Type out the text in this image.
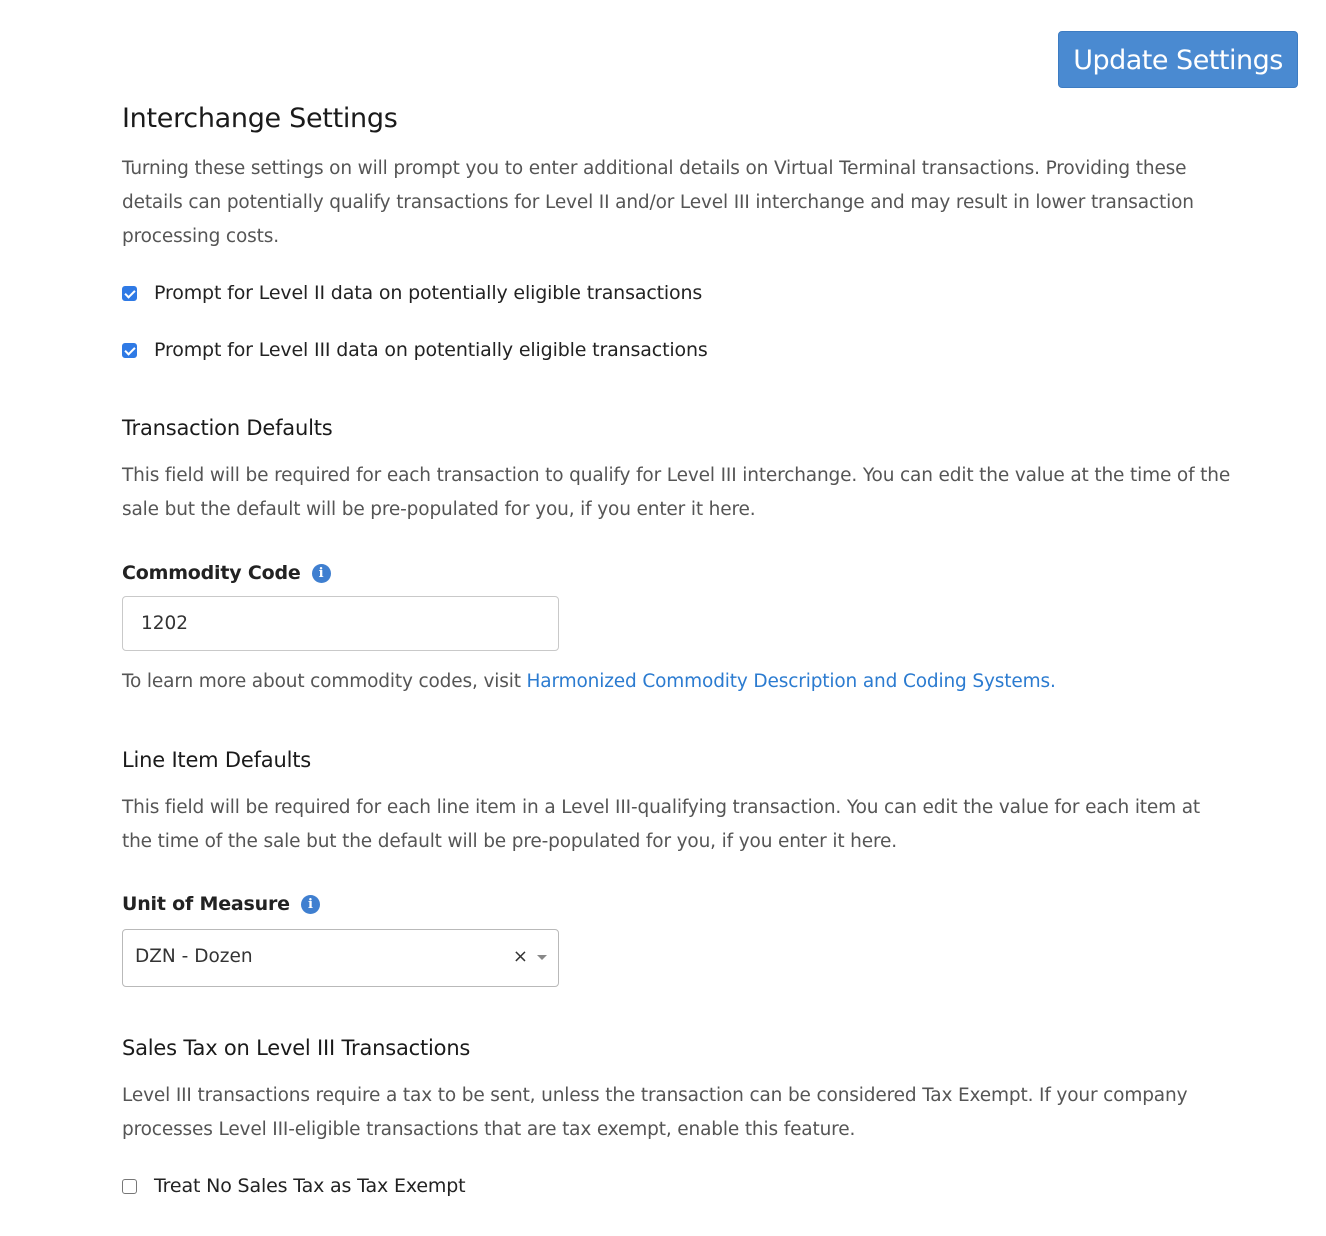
Update Settings
Interchange Settings

Turning these settings on will prompt you to enter additional details on Virtual Terminal transactions. Providing these details can potentially qualify transactions for Level II and/or Level III interchange and may result in lower transaction processing costs.

Prompt for Level II data on potentially eligible transactions
Prompt for Level III data on potentially eligible transactions
Transaction Defaults

This field will be required for each transaction to qualify for Level III interchange. You can edit the value at the time of the sale but the default will be pre-populated for you, if you enter it here.

Commodity Code	i
1202

To learn more about commodity codes, visit Harmonized Commodity Description and Coding Systems.

Line Item Defaults

This field will be required for each line item in a Level III-qualifying transaction. You can edit the value for each item at the time of the sale but the default will be pre-populated for you, if you enter it here.

Unit of Measure	i
DZN - Dozen	×
Sales Tax on Level III Transactions

Level III transactions require a tax to be sent, unless the transaction can be considered Tax Exempt. If your company processes Level III-eligible transactions that are tax exempt, enable this feature.

Treat No Sales Tax as Tax Exempt
